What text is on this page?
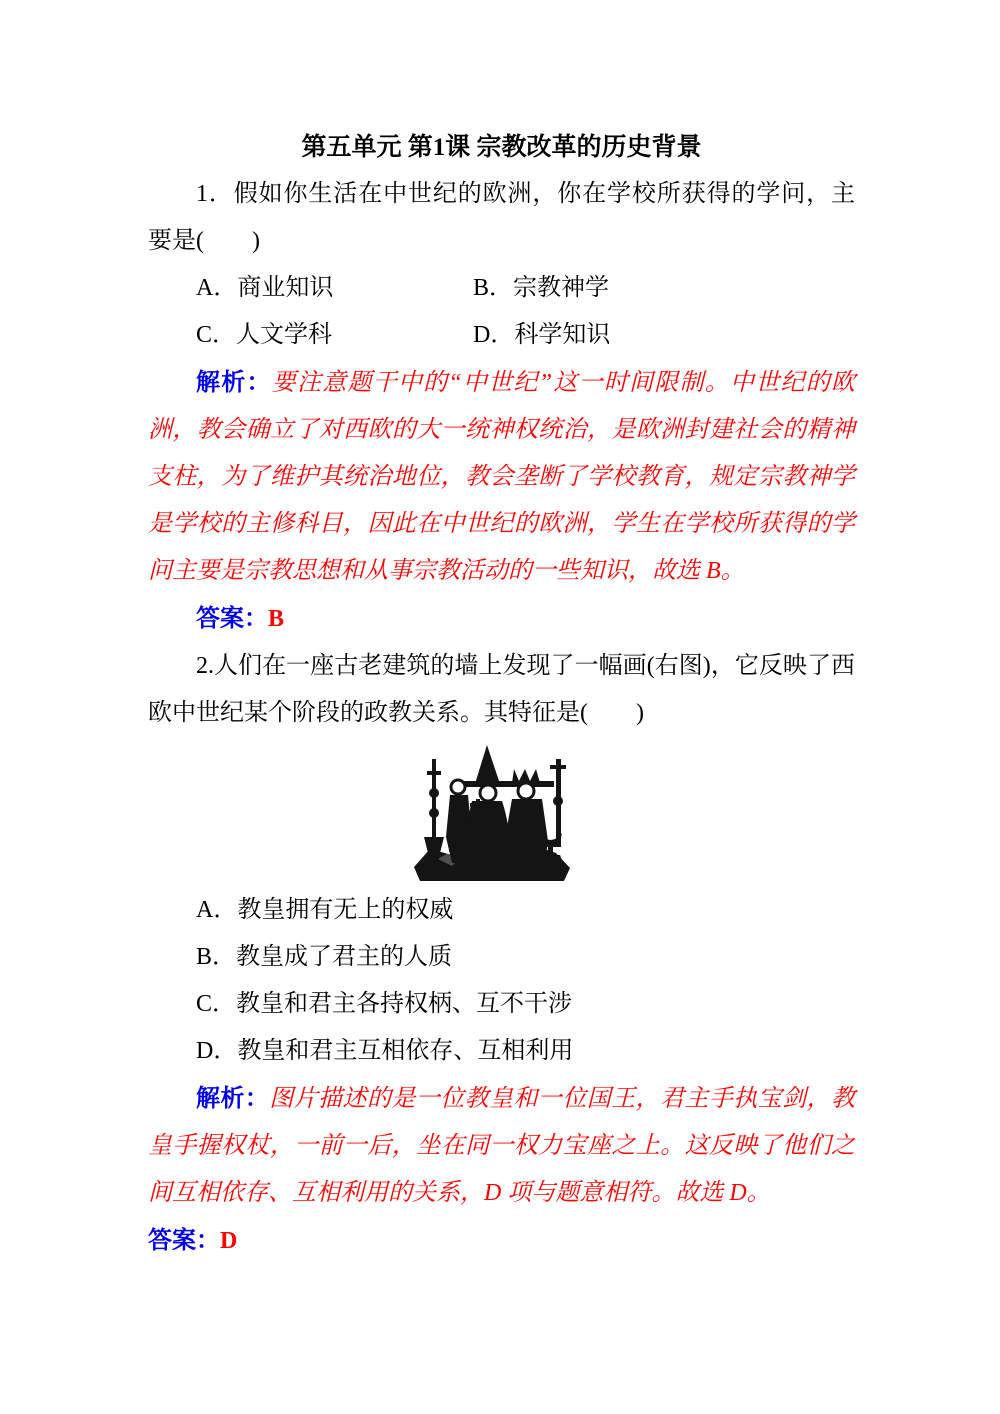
第五单元 第1课 宗教改革的历史背景

1．假如你生活在中世纪的欧洲，你在学校所获得的学问，主要是(　　)

A．商业知识	B．宗教神学
C．人文学科	D．科学知识

解析：要注意题干中的“中世纪”这一时间限制。中世纪的欧洲，教会确立了对西欧的大一统神权统治，是欧洲封建社会的精神支柱，为了维护其统治地位，教会垄断了学校教育，规定宗教神学是学校的主修科目，因此在中世纪的欧洲，学生在学校所获得的学问主要是宗教思想和从事宗教活动的一些知识，故选 B。

答案：B

2.人们在一座古老建筑的墙上发现了一幅画(右图)，它反映了西欧中世纪某个阶段的政教关系。其特征是(　　)

A．教皇拥有无上的权威
B．教皇成了君主的人质
C．教皇和君主各持权柄、互不干涉
D．教皇和君主互相依存、互相利用

解析：图片描述的是一位教皇和一位国王，君主手执宝剑，教皇手握权杖，一前一后，坐在同一权力宝座之上。这反映了他们之间互相依存、互相利用的关系，D 项与题意相符。故选 D。

答案：D
